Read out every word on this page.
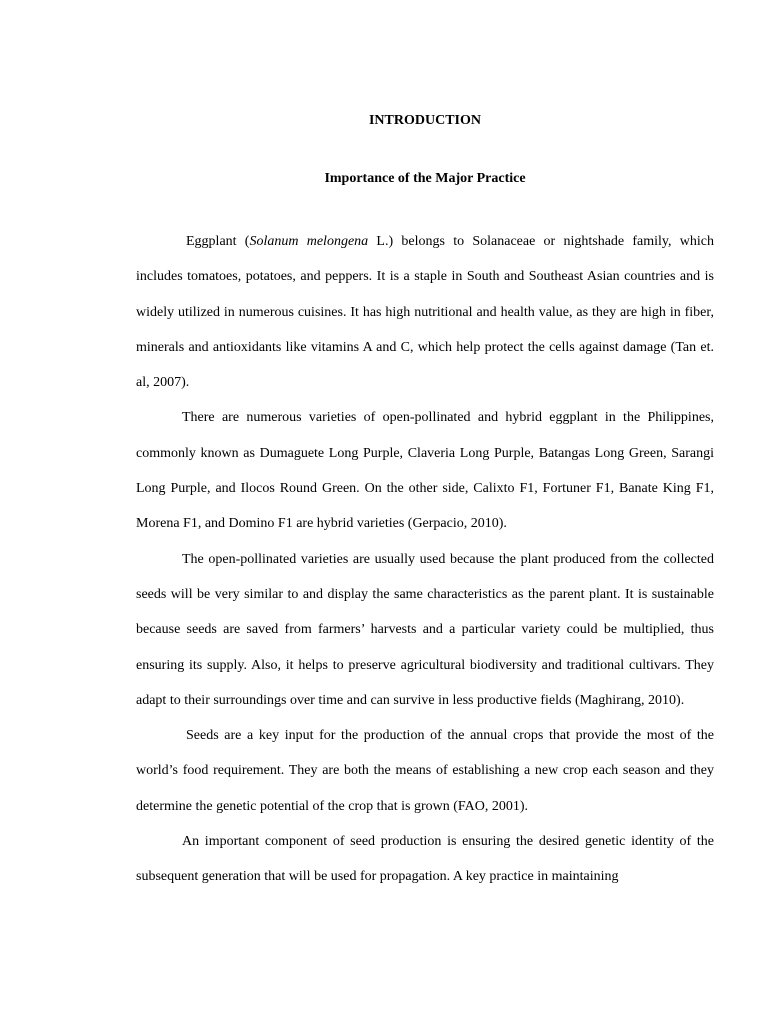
INTRODUCTION
Importance of the Major Practice

Eggplant (Solanum melongena L.) belongs to Solanaceae or nightshade family, which includes tomatoes, potatoes, and peppers. It is a staple in South and Southeast Asian countries and is widely utilized in numerous cuisines. It has high nutritional and health value, as they are high in fiber, minerals and antioxidants like vitamins A and C, which help protect the cells against damage (Tan et. al, 2007).

There are numerous varieties of open-pollinated and hybrid eggplant in the Philippines, commonly known as Dumaguete Long Purple, Claveria Long Purple, Batangas Long Green, Sarangi Long Purple, and Ilocos Round Green. On the other side, Calixto F1, Fortuner F1, Banate King F1, Morena F1, and Domino F1 are hybrid varieties (Gerpacio, 2010).

The open-pollinated varieties are usually used because the plant produced from the collected seeds will be very similar to and display the same characteristics as the parent plant. It is sustainable because seeds are saved from farmers’ harvests and a particular variety could be multiplied, thus ensuring its supply. Also, it helps to preserve agricultural biodiversity and traditional cultivars. They adapt to their surroundings over time and can survive in less productive fields (Maghirang, 2010).

Seeds are a key input for the production of the annual crops that provide the most of the world’s food requirement. They are both the means of establishing a new crop each season and they determine the genetic potential of the crop that is grown (FAO, 2001).

An important component of seed production is ensuring the desired genetic identity of the subsequent generation that will be used for propagation. A key practice in maintaining
